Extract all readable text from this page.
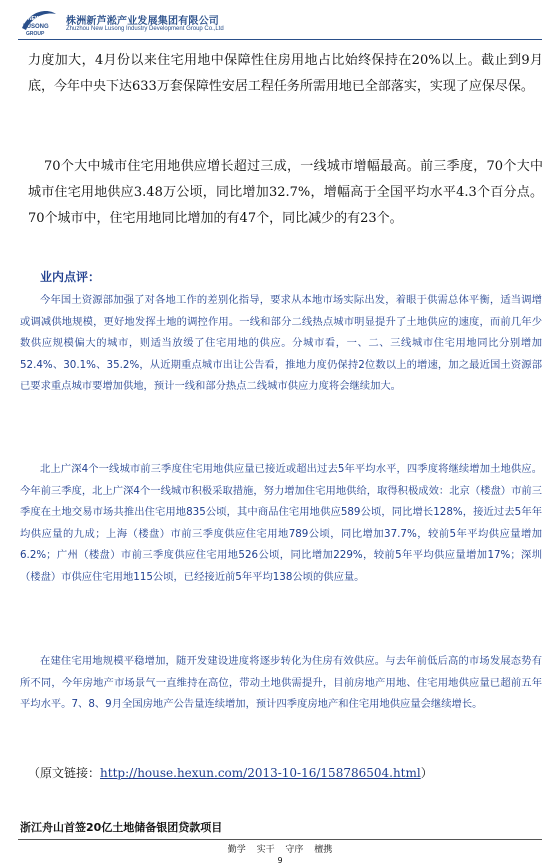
NEW
LUSONG
GROUP
株洲新芦淞产业发展集团有限公司
Zhuzhou New Lusong Industry Development Group Co.,Ltd

力度加大，4月份以来住宅用地中保障性住房用地占比始终保持在20%以上。截止到9月底，今年中央下达633万套保障性安居工程任务所需用地已全部落实，实现了应保尽保。

70个大中城市住宅用地供应增长超过三成，一线城市增幅最高。前三季度，70个大中城市住宅用地供应3.48万公顷，同比增加32.7%，增幅高于全国平均水平4.3个百分点。70个城市中，住宅用地同比增加的有47个，同比减少的有23个。

业内点评：

今年国土资源部加强了对各地工作的差别化指导，要求从本地市场实际出发，着眼于供需总体平衡，适当调增或调减供地规模，更好地发挥土地的调控作用。一线和部分二线热点城市明显提升了土地供应的速度，而前几年少数供应规模偏大的城市，则适当放缓了住宅用地的供应。分城市看，一、二、三线城市住宅用地同比分别增加52.4%、30.1%、35.2%，从近期重点城市出让公告看，推地力度仍保持2位数以上的增速，加之最近国土资源部已要求重点城市要增加供地，预计一线和部分热点二线城市供应力度将会继续加大。

北上广深4个一线城市前三季度住宅用地供应量已接近或超出过去5年平均水平，四季度将继续增加土地供应。今年前三季度，北上广深4个一线城市积极采取措施，努力增加住宅用地供给，取得积极成效：北京（楼盘）市前三季度在土地交易市场共推出住宅用地835公顷，其中商品住宅用地供应589公顷，同比增长128%，接近过去5年年均供应量的九成；上海（楼盘）市前三季度供应住宅用地789公顷，同比增加37.7%，较前5年平均供应量增加6.2%；广州（楼盘）市前三季度供应住宅用地526公顷，同比增加229%，较前5年平均供应量增加17%；深圳（楼盘）市供应住宅用地115公顷，已经接近前5年平均138公顷的供应量。

在建住宅用地规模平稳增加，随开发建设进度将逐步转化为住房有效供应。与去年前低后高的市场发展态势有所不同，今年房地产市场景气一直维持在高位，带动土地供需提升，目前房地产用地、住宅用地供应量已超前五年平均水平。7、8、9月全国房地产公告量连续增加，预计四季度房地产和住宅用地供应量会继续增长。

（原文链接：http://house.hexun.com/2013-10-16/158786504.html）
浙江舟山首签20亿土地储备银团贷款项目
勤学 实干 守序 檀携
9
